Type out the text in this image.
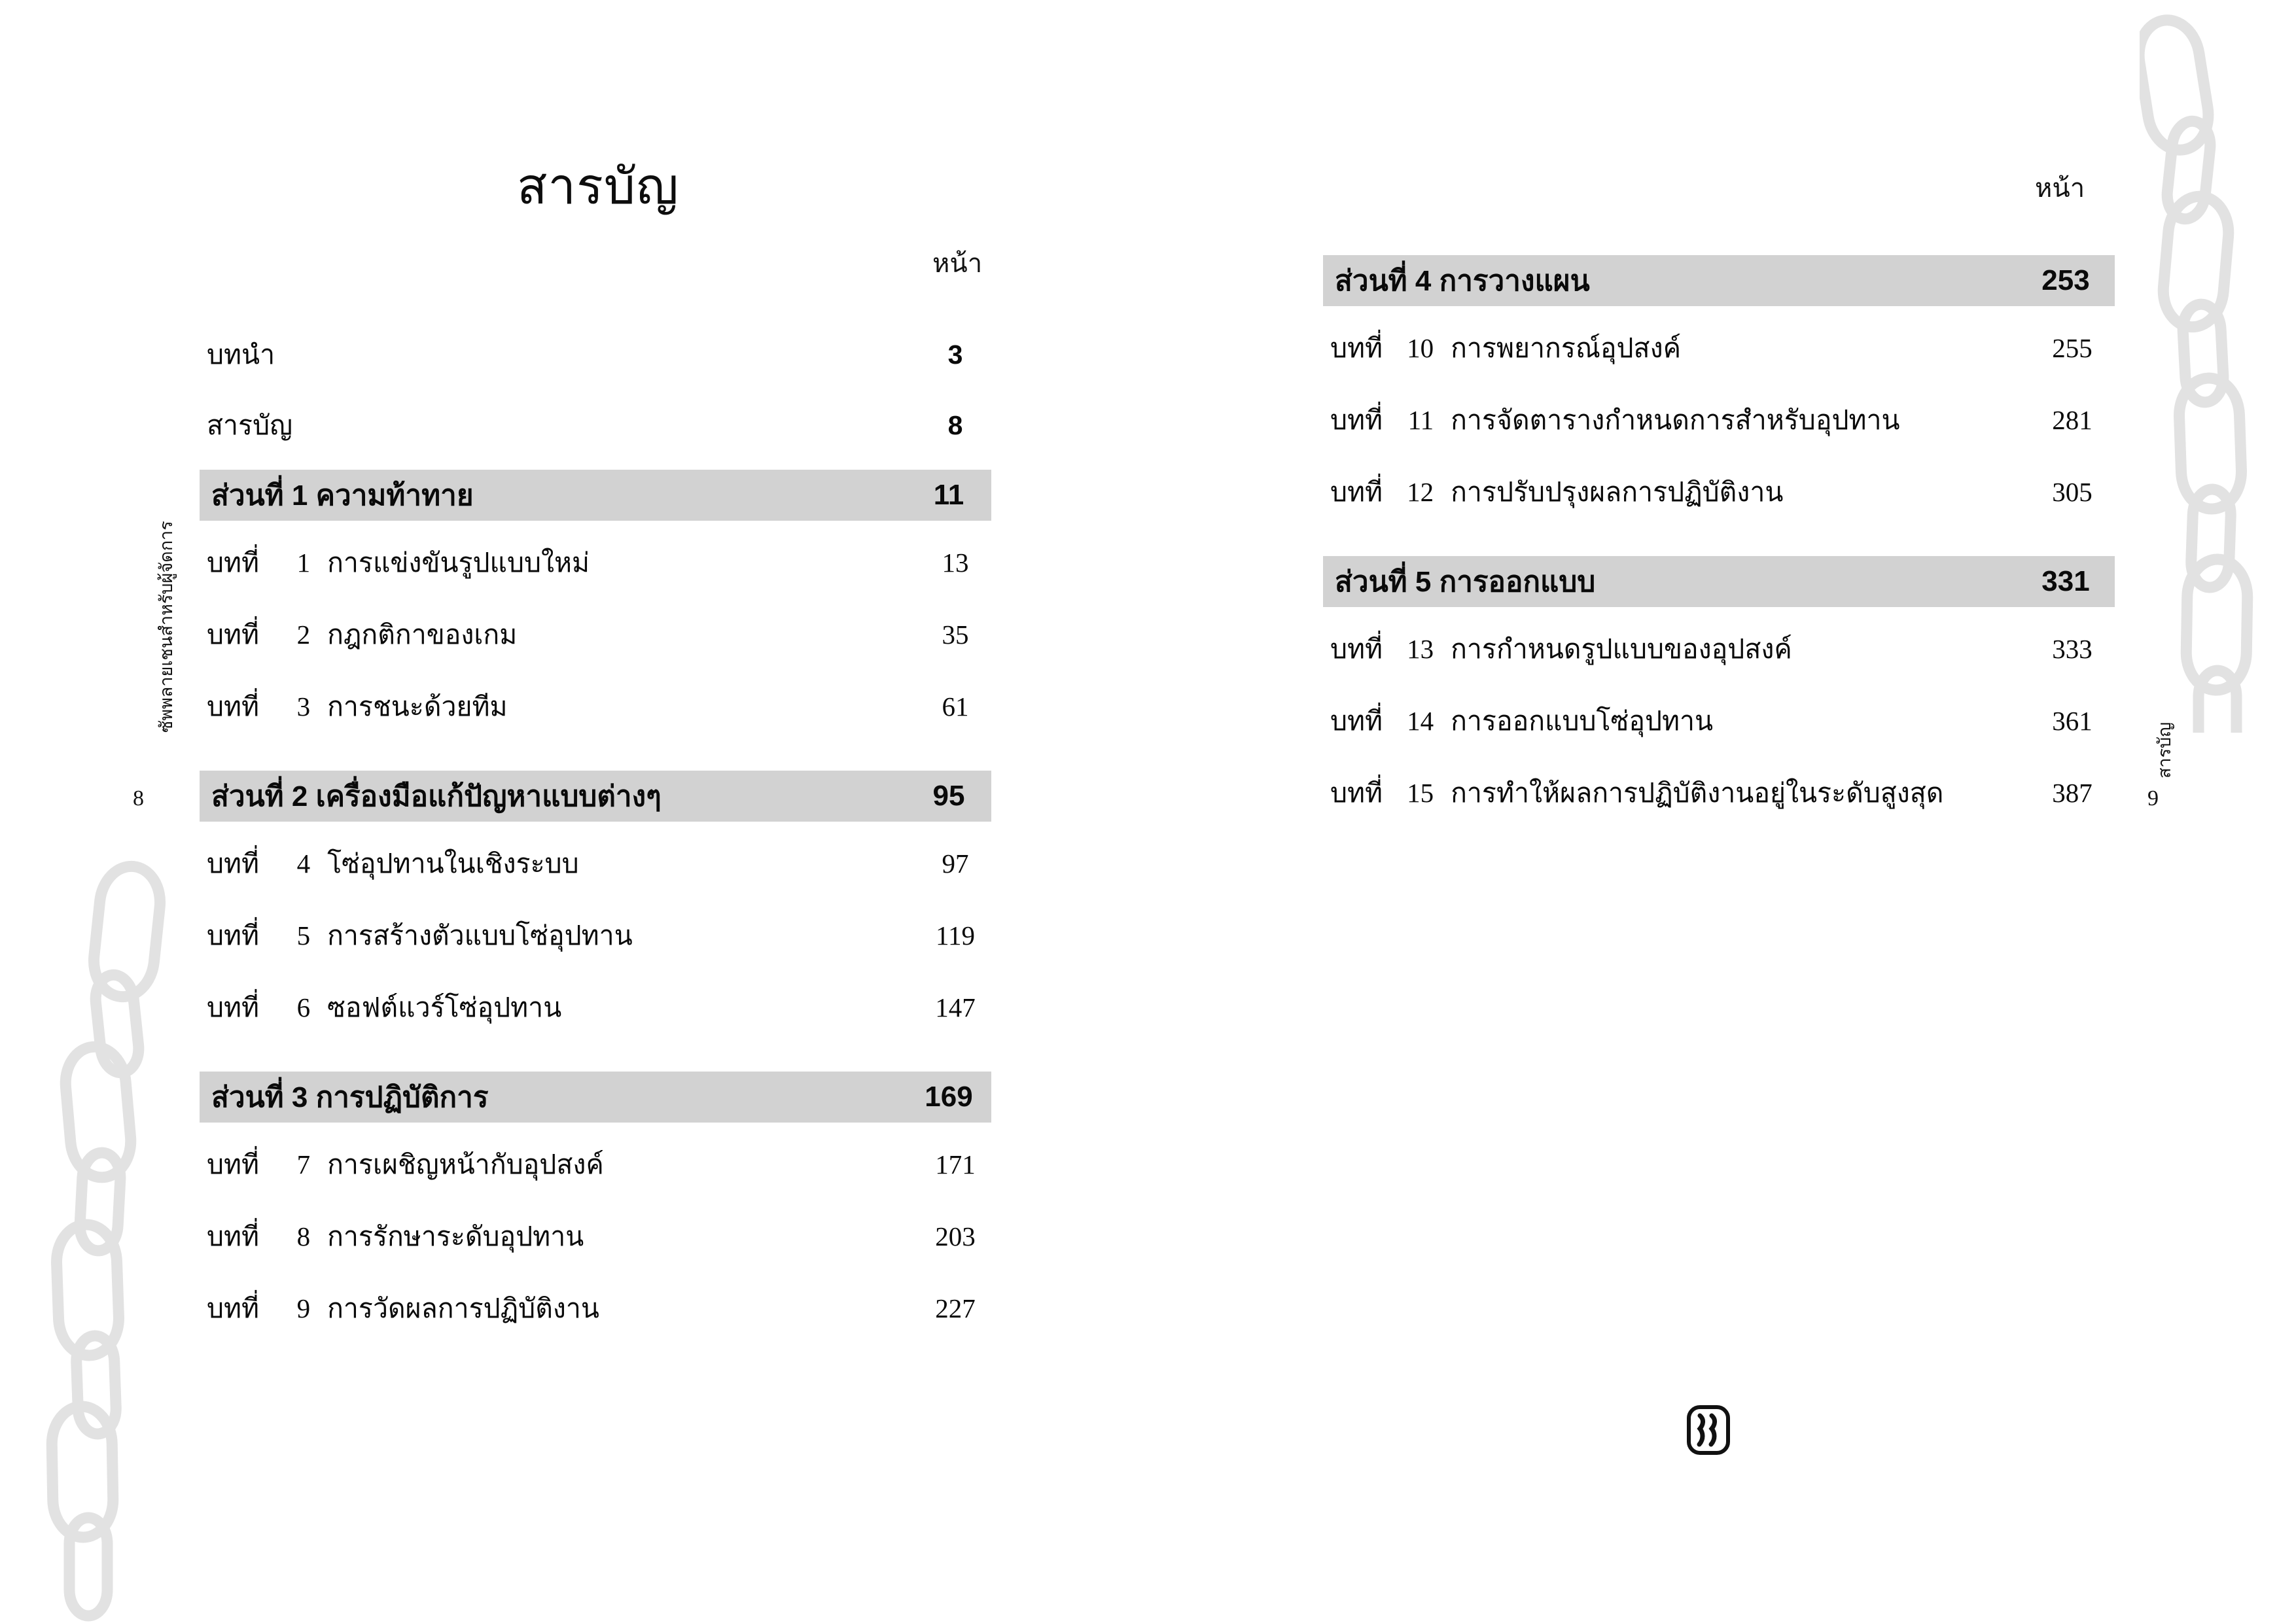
สารบัญ
หน้า
บทนำ	3
สารบัญ	8
ส่วนที่ 1 ความท้าทาย	11
บทที่	1 การแข่งขันรูปแบบใหม่	13
บทที่	2 กฎกติกาของเกม	35
บทที่	3 การชนะด้วยทีม	61
ส่วนที่ 2 เครื่องมือแก้ปัญหาแบบต่างๆ	95
บทที่	4 โซ่อุปทานในเชิงระบบ	97
บทที่	5 การสร้างตัวแบบโซ่อุปทาน	119
บทที่	6 ซอฟต์แวร์โซ่อุปทาน	147
ส่วนที่ 3 การปฏิบัติการ	169
บทที่	7 การเผชิญหน้ากับอุปสงค์	171
บทที่	8 การรักษาระดับอุปทาน	203
บทที่	9 การวัดผลการปฏิบัติงาน	227
ซัพพลายเชนสำหรับผู้จัดการ
8
หน้า
ส่วนที่ 4 การวางแผน	253
บทที่ 10 การพยากรณ์อุปสงค์	255
บทที่ 11 การจัดตารางกำหนดการสำหรับอุปทาน	281
บทที่ 12 การปรับปรุงผลการปฏิบัติงาน	305
ส่วนที่ 5 การออกแบบ	331
บทที่ 13 การกำหนดรูปแบบของอุปสงค์	333
บทที่ 14 การออกแบบโซ่อุปทาน	361
บทที่ 15 การทำให้ผลการปฏิบัติงานอยู่ในระดับสูงสุด	387
สารบัญ
9
